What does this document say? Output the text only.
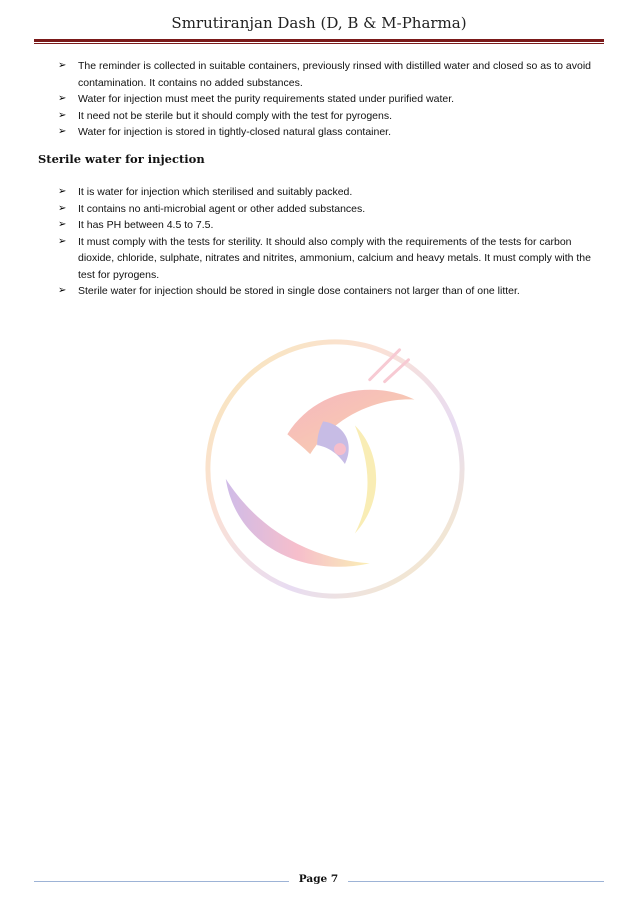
Smrutiranjan Dash (D, B & M-Pharma)
➢ The reminder is collected in suitable containers, previously rinsed with distilled water and closed so as to avoid contamination. It contains no added substances.
➢ Water for injection must meet the purity requirements stated under purified water.
➢ It need not be sterile but it should comply with the test for pyrogens.
➢ Water for injection is stored in tightly-closed natural glass container.
Sterile water for injection
➢ It is water for injection which sterilised and suitably packed.
➢ It contains no anti-microbial agent or other added substances.
➢ It has PH between 4.5 to 7.5.
➢ It must comply with the tests for sterility. It should also comply with the requirements of the tests for carbon dioxide, chloride, sulphate, nitrates and nitrites, ammonium, calcium and heavy metals. It must comply with the test for pyrogens.
➢ Sterile water for injection should be stored in single dose containers not larger than of one litter.
Page 7
